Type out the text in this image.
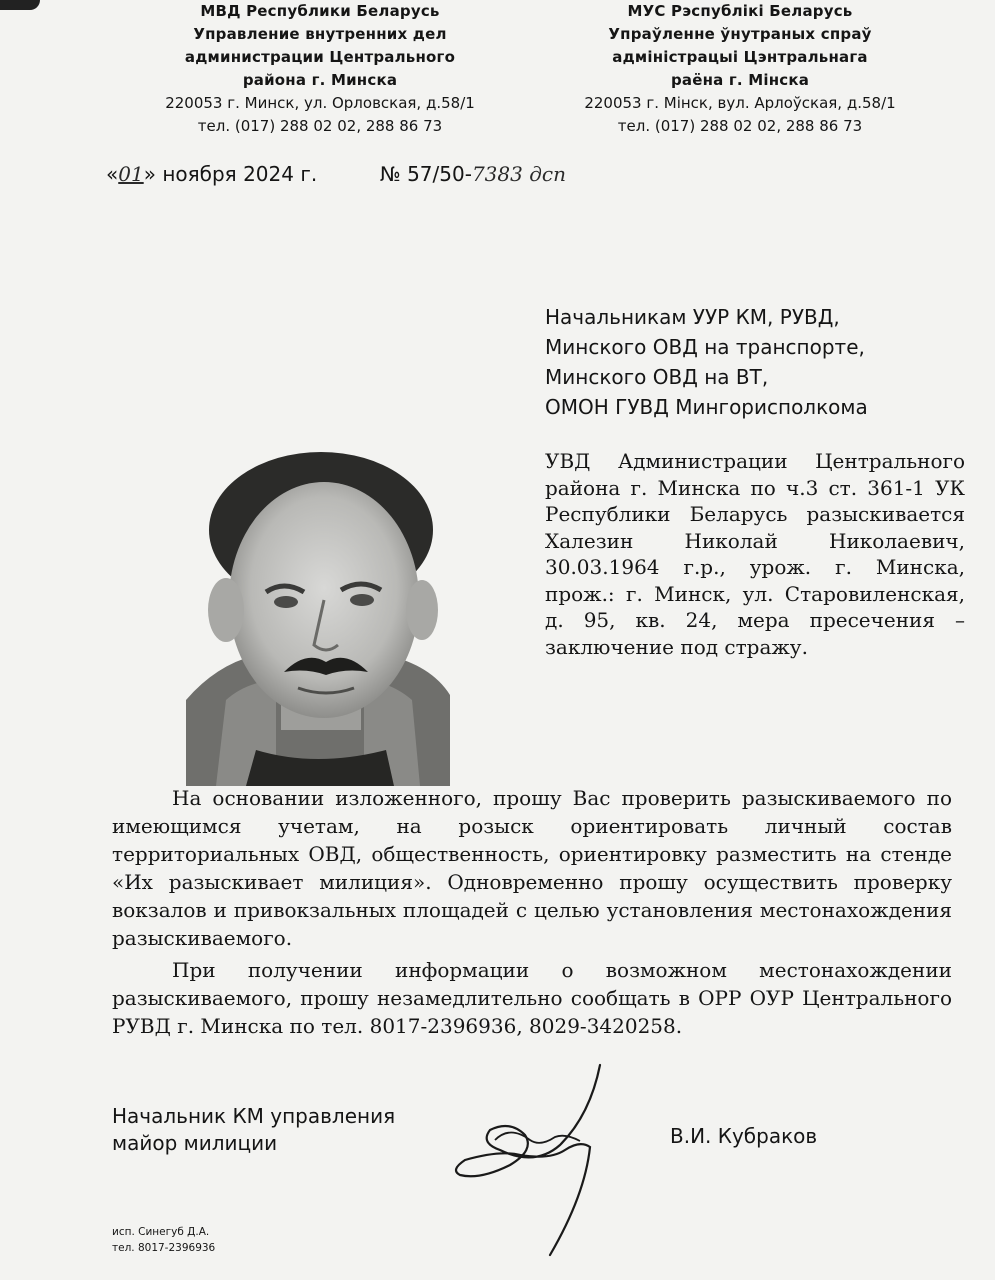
МВД Республики Беларусь
Управление внутренних дел
администрации Центрального
района г. Минска
220053 г. Минск, ул. Орловская, д.58/1
тел. (017) 288 02 02, 288 86 73
МУС Рэспублікі Беларусь
Упраўленне ўнутраных спраў
адміністрацыі Цэнтральнага
раёна г. Мінска
220053 г. Мінск, вул. Арлоўская, д.58/1
тел. (017) 288 02 02, 288 86 73
«01» ноября 2024 г.	№ 57/50-7383 дсп
Начальникам УУР КМ, РУВД,
Минского ОВД на транспорте,
Минского ОВД на ВТ,
ОМОН ГУВД Мингорисполкома
УВД Администрации Центрального района г. Минска по ч.3 ст. 361-1 УК Республики Беларусь разыскивается Халезин Николай Николаевич, 30.03.1964 г.р., урож. г. Минска, прож.: г. Минск, ул. Старовиленская, д. 95, кв. 24, мера пресечения – заключение под стражу.

На основании изложенного, прошу Вас проверить разыскиваемого по имеющимся учетам, на розыск ориентировать личный состав территориальных ОВД, общественность, ориентировку разместить на стенде «Их разыскивает милиция». Одновременно прошу осуществить проверку вокзалов и привокзальных площадей с целью установления местонахождения разыскиваемого.

При получении информации о возможном местонахождении разыскиваемого, прошу незамедлительно сообщать в ОРР ОУР Центрального РУВД г. Минска по тел. 8017-2396936, 8029-3420258.

Начальник КМ управления
майор милиции	В.И. Кубраков
исп. Синегуб Д.А.
тел. 8017-2396936
